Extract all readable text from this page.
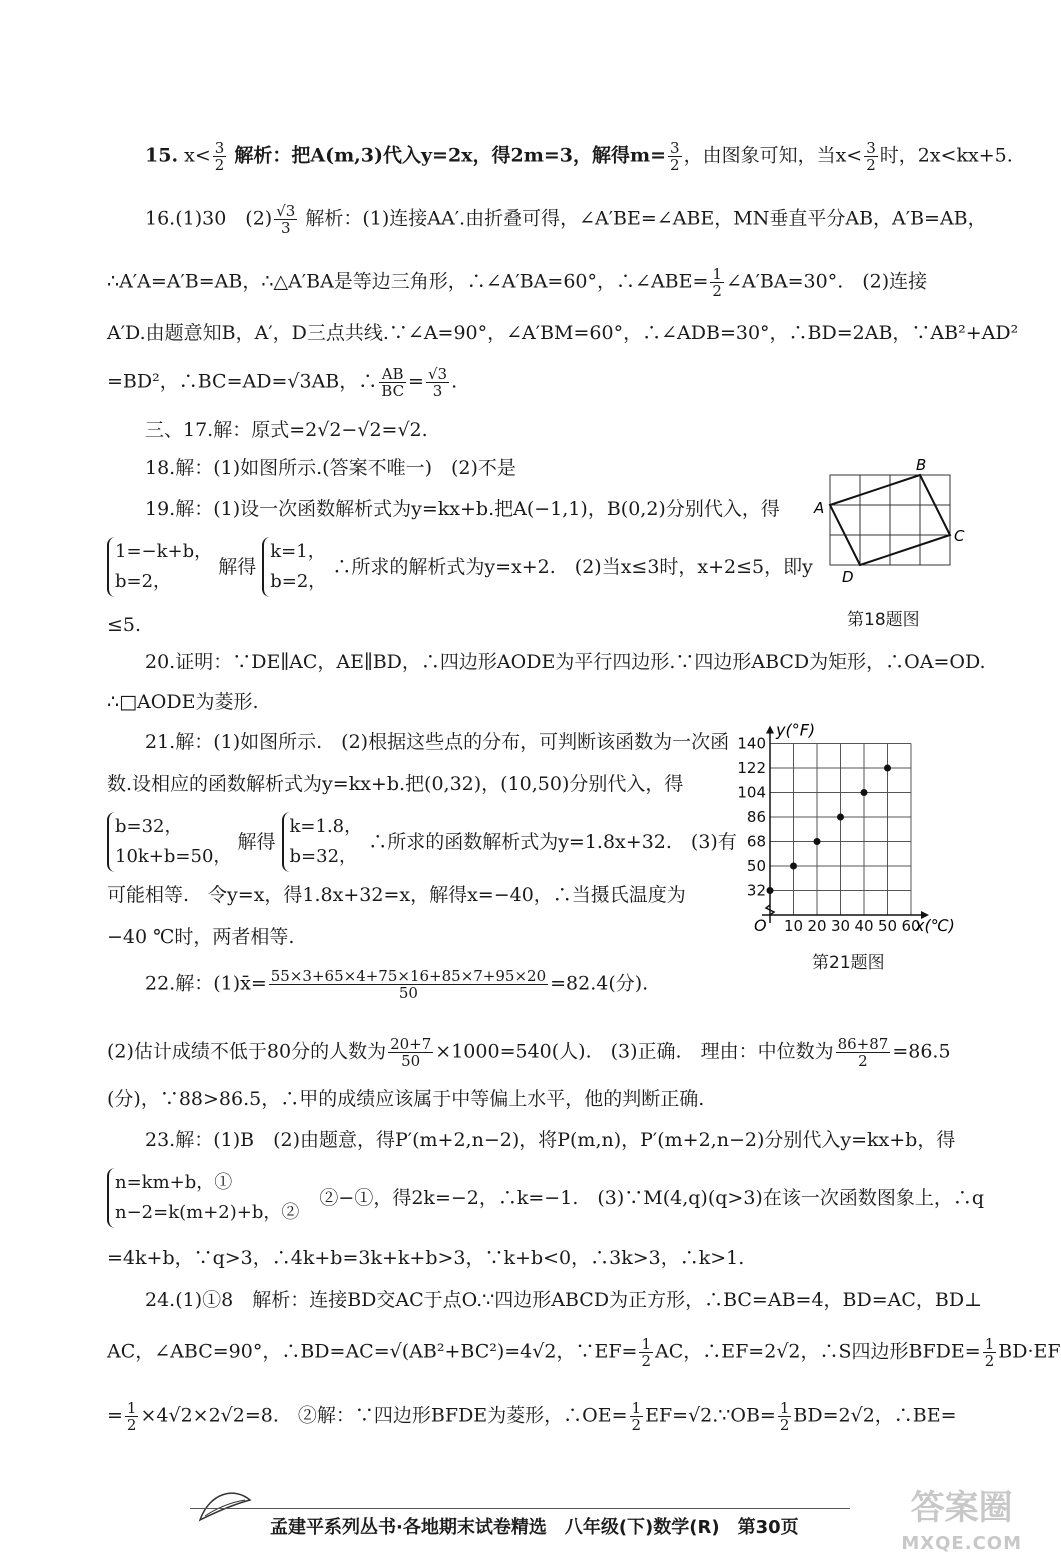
15. $x< \frac{3}{2}$ 解析：把A(m,3)代入y=2x，得2m=3，解得$m= \frac{3}{2}$ ，由图象可知，当$x< \frac{3}{2}$ 时，2x<kx+5.
16.(1)30　$(2) \frac{√3}{3}$ 解析：(1)连接AA′.由折叠可得，∠A′BE=∠ABE，MN垂直平分AB，A′B=AB，
∴A′A=A′B=AB，∴△A′BA是等边三角形，∴∠A′BA=60°，∴∠ABE= $\frac{1}{2}$ ∠A′BA=30°.　(2)连接
A′D.由题意知B，A′，D三点共线.∵∠A=90°，∠A′BM=60°，∴∠ADB=30°，∴BD=2AB，∵AB²+AD²
=BD²，∴BC=AD=√3AB，∴ $\frac{AB}{BC} = \frac{√3}{3}$ .
三、17.解：原式=2√2−√2=√2.
18.解：(1)如图所示.(答案不唯一)　(2)不是
19.解：(1)设一次函数解析式为y=kx+b.把A(−1,1)，B(0,2)分别代入，得
1=−k+b，
b=2， 解得 k=1，
b=2， ∴所求的解析式为y=x+2.　(2)当x≤3时，x+2≤5，即y
≤5.
A
B
C
D
第18题图
20.证明：∵DE∥AC，AE∥BD，∴四边形AODE为平行四边形.∵四边形ABCD为矩形，∴OA=OD.
∴□AODE为菱形.
21.解：(1)如图所示.　(2)根据这些点的分布，可判断该函数为一次函
数.设相应的函数解析式为y=kx+b.把(0,32)，(10,50)分别代入，得
b=32，
10k+b=50， 解得 k=1.8，
b=32， ∴所求的函数解析式为y=1.8x+32.　(3)有
可能相等.　令y=x，得1.8x+32=x，解得x=−40，∴当摄氏温度为
−40 ℃时，两者相等.
140
122
104
86
68
50
32
10 20 30 40 50 60
y(°F)
x(℃)
O
第21题图
22.解：(1)x̄= $\frac{55\times 3+65\times 4+75\times 16+85\times 7+95\times 20}{50} =82.4$(分).
(2)估计成绩不低于80分的人数为 $\frac{20+7}{50} \times 1000=540$(人).　(3)正确.　理由：中位数为 $\frac{86+87}{2} =86.5$
(分)，∵88>86.5，∴甲的成绩应该属于中等偏上水平，他的判断正确.
23.解：(1)B　(2)由题意，得P′(m+2,n−2)，将P(m,n)，P′(m+2,n−2)分别代入y=kx+b，得
n=km+b，①
n−2=k(m+2)+b，② ②−①，得2k=−2，∴k=−1.　(3)∵M(4,q)(q>3)在该一次函数图象上，∴q
=4k+b，∵q>3，∴4k+b=3k+k+b>3，∵k+b<0，∴3k>3，∴k>1.
24.(1)①8　解析：连接BD交AC于点O.∵四边形ABCD为正方形，∴BC=AB=4，BD=AC，BD⊥
AC，∠ABC=90°，∴BD=AC=√(AB²+BC²)=4√2，∵EF= $\frac{1}{2}$ AC，∴EF=2√2，∴S四边形BFDE= $\frac{1}{2} BD\cdot EF$
= $\frac{1}{2} \times 4√2\times 2√2=8$.　②解：∵四边形BFDE为菱形，∴OE= $\frac{1}{2}$ EF=√2.∵OB= $\frac{1}{2} BD=2√2$，∴BE=
孟建平系列丛书·各地期末试卷精选　八年级(下)数学(R)　第30页	答案圈
MXQE.COM
